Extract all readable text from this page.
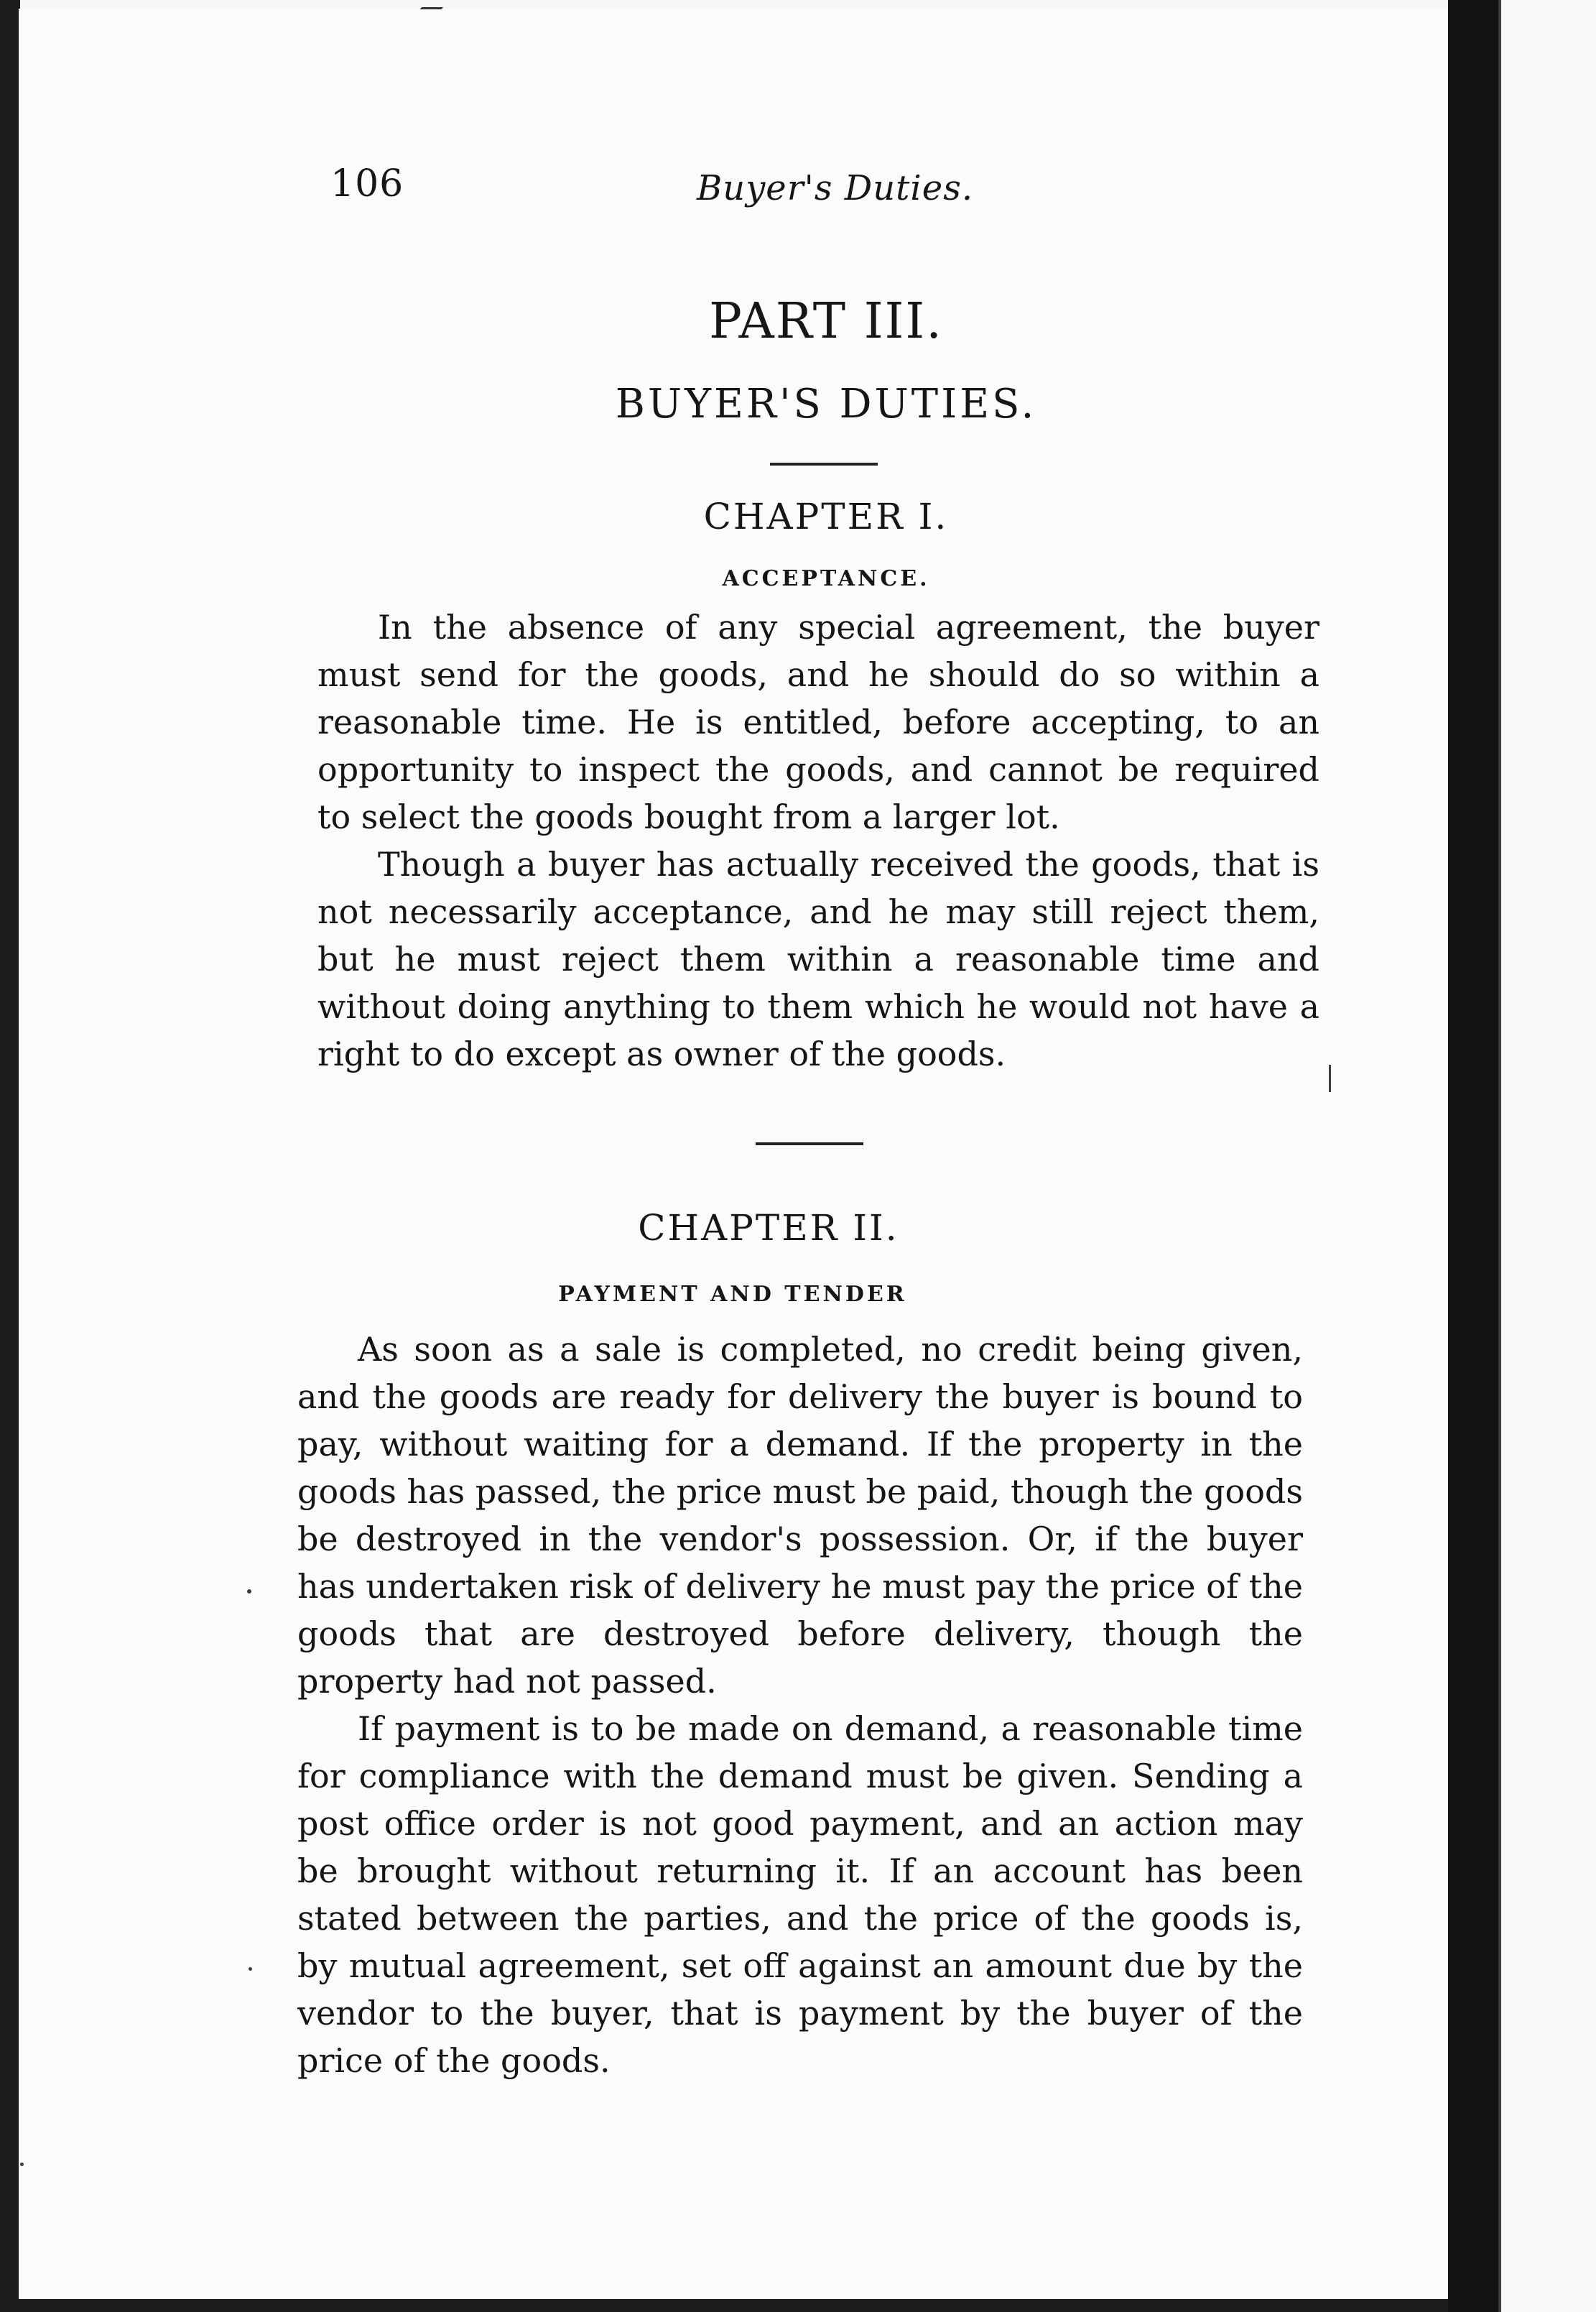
106	Buyer's Duties.
PART III.
BUYER'S DUTIES.
CHAPTER I.
ACCEPTANCE.

In the absence of any special agreement, the buyer must send for the goods, and he should do so within a reasonable time. He is entitled, before accepting, to an opportunity to inspect the goods, and cannot be required to select the goods bought from a larger lot.

Though a buyer has actually received the goods, that is not necessarily acceptance, and he may still reject them, but he must reject them within a reasonable time and without doing anything to them which he would not have a right to do except as owner of the goods.

CHAPTER II.
PAYMENT AND TENDER

As soon as a sale is completed, no credit being given, and the goods are ready for delivery the buyer is bound to pay, without waiting for a demand. If the property in the goods has passed, the price must be paid, though the goods be destroyed in the vendor's possession. Or, if the buyer has undertaken risk of delivery he must pay the price of the goods that are destroyed before delivery, though the property had not passed.

If payment is to be made on demand, a reasonable time for compliance with the demand must be given. Sending a post office order is not good payment, and an action may be brought without returning it. If an account has been stated between the parties, and the price of the goods is, by mutual agreement, set off against an amount due by the vendor to the buyer, that is payment by the buyer of the price of the goods.
